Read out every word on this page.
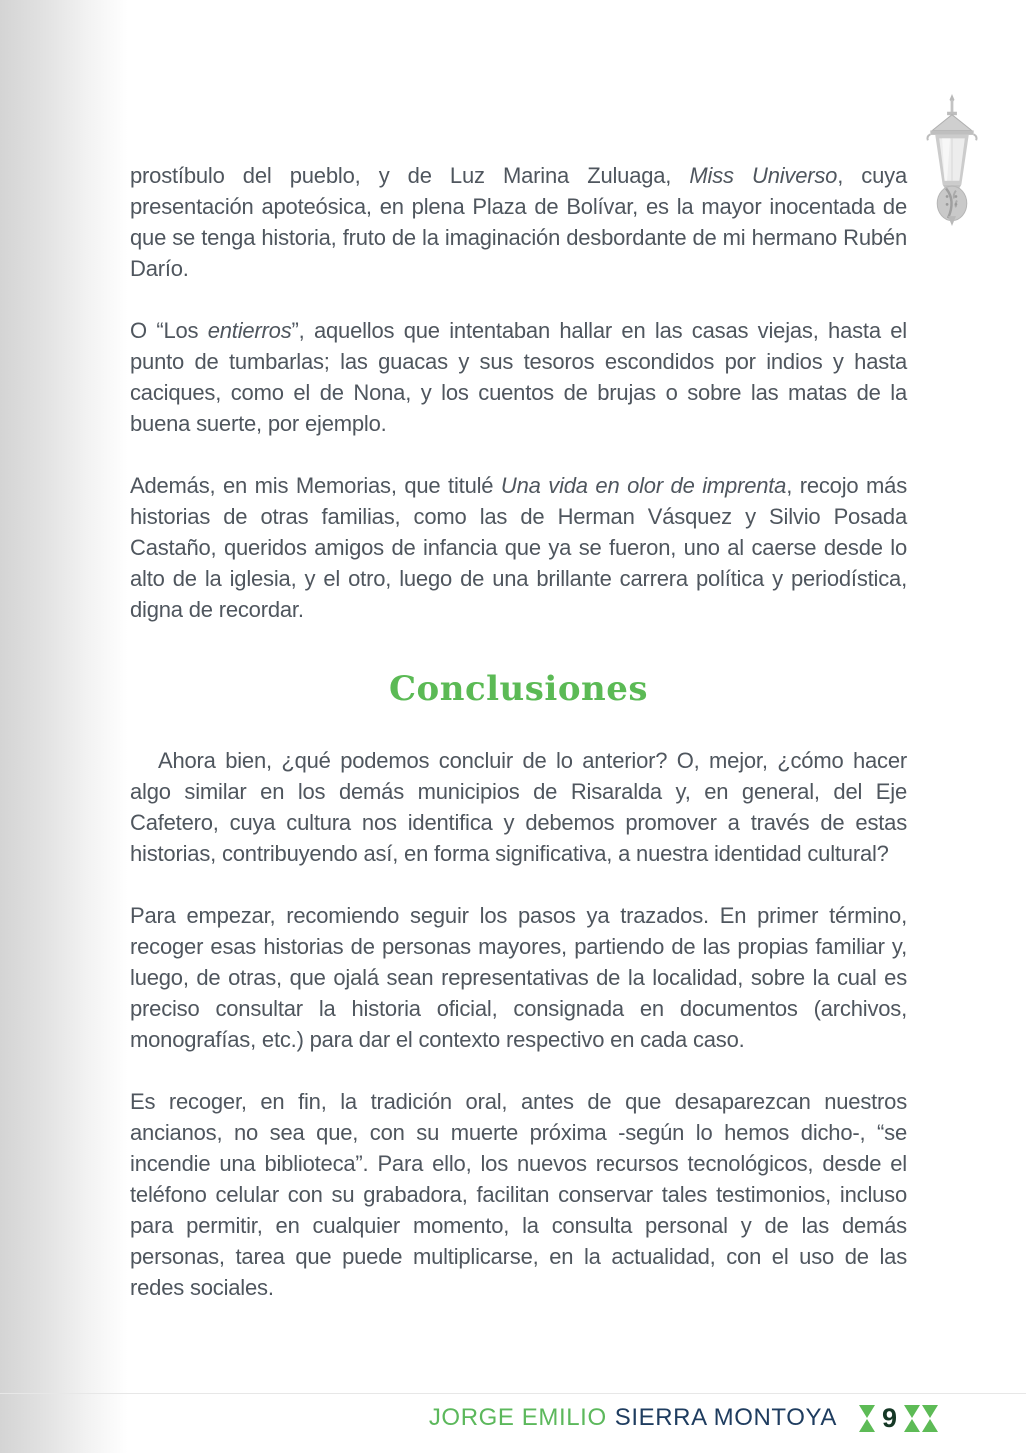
prostíbulo del pueblo, y de Luz Marina Zuluaga, Miss Universo, cuya presentación apoteósica, en plena Plaza de Bolívar, es la mayor inocentada de que se tenga historia, fruto de la imaginación desbordante de mi hermano Rubén Darío.

O “Los entierros”, aquellos que intentaban hallar en las casas viejas, hasta el punto de tumbarlas; las guacas y sus tesoros escondidos por indios y hasta caciques, como el de Nona, y los cuentos de brujas o sobre las matas de la buena suerte, por ejemplo.

Además, en mis Memorias, que titulé Una vida en olor de imprenta, recojo más historias de otras familias, como las de Herman Vásquez y Silvio Posada Castaño, queridos amigos de infancia que ya se fueron, uno al caerse desde lo alto de la iglesia, y el otro, luego de una brillante carrera política y periodística, digna de recordar.

Conclusiones

Ahora bien, ¿qué podemos concluir de lo anterior? O, mejor, ¿cómo hacer algo similar en los demás municipios de Risaralda y, en general, del Eje Cafetero, cuya cultura nos identifica y debemos promover a través de estas historias, contribuyendo así, en forma significativa, a nuestra identidad cultural?

Para empezar, recomiendo seguir los pasos ya trazados. En primer término, recoger esas historias de personas mayores, partiendo de las propias familiar y, luego, de otras, que ojalá sean representativas de la localidad, sobre la cual es preciso consultar la historia oficial, consignada en documentos (archivos, monografías, etc.) para dar el contexto respectivo en cada caso.

Es recoger, en fin, la tradición oral, antes de que desaparezcan nuestros ancianos, no sea que, con su muerte próxima -según lo hemos dicho-, “se incendie una biblioteca”. Para ello, los nuevos recursos tecnológicos, desde el teléfono celular con su grabadora, facilitan conservar tales testimonios, incluso para permitir, en cualquier momento, la consulta personal y de las demás personas, tarea que puede multiplicarse, en la actualidad, con el uso de las redes sociales.

JORGE EMILIO SIERRA MONTOYA 9
